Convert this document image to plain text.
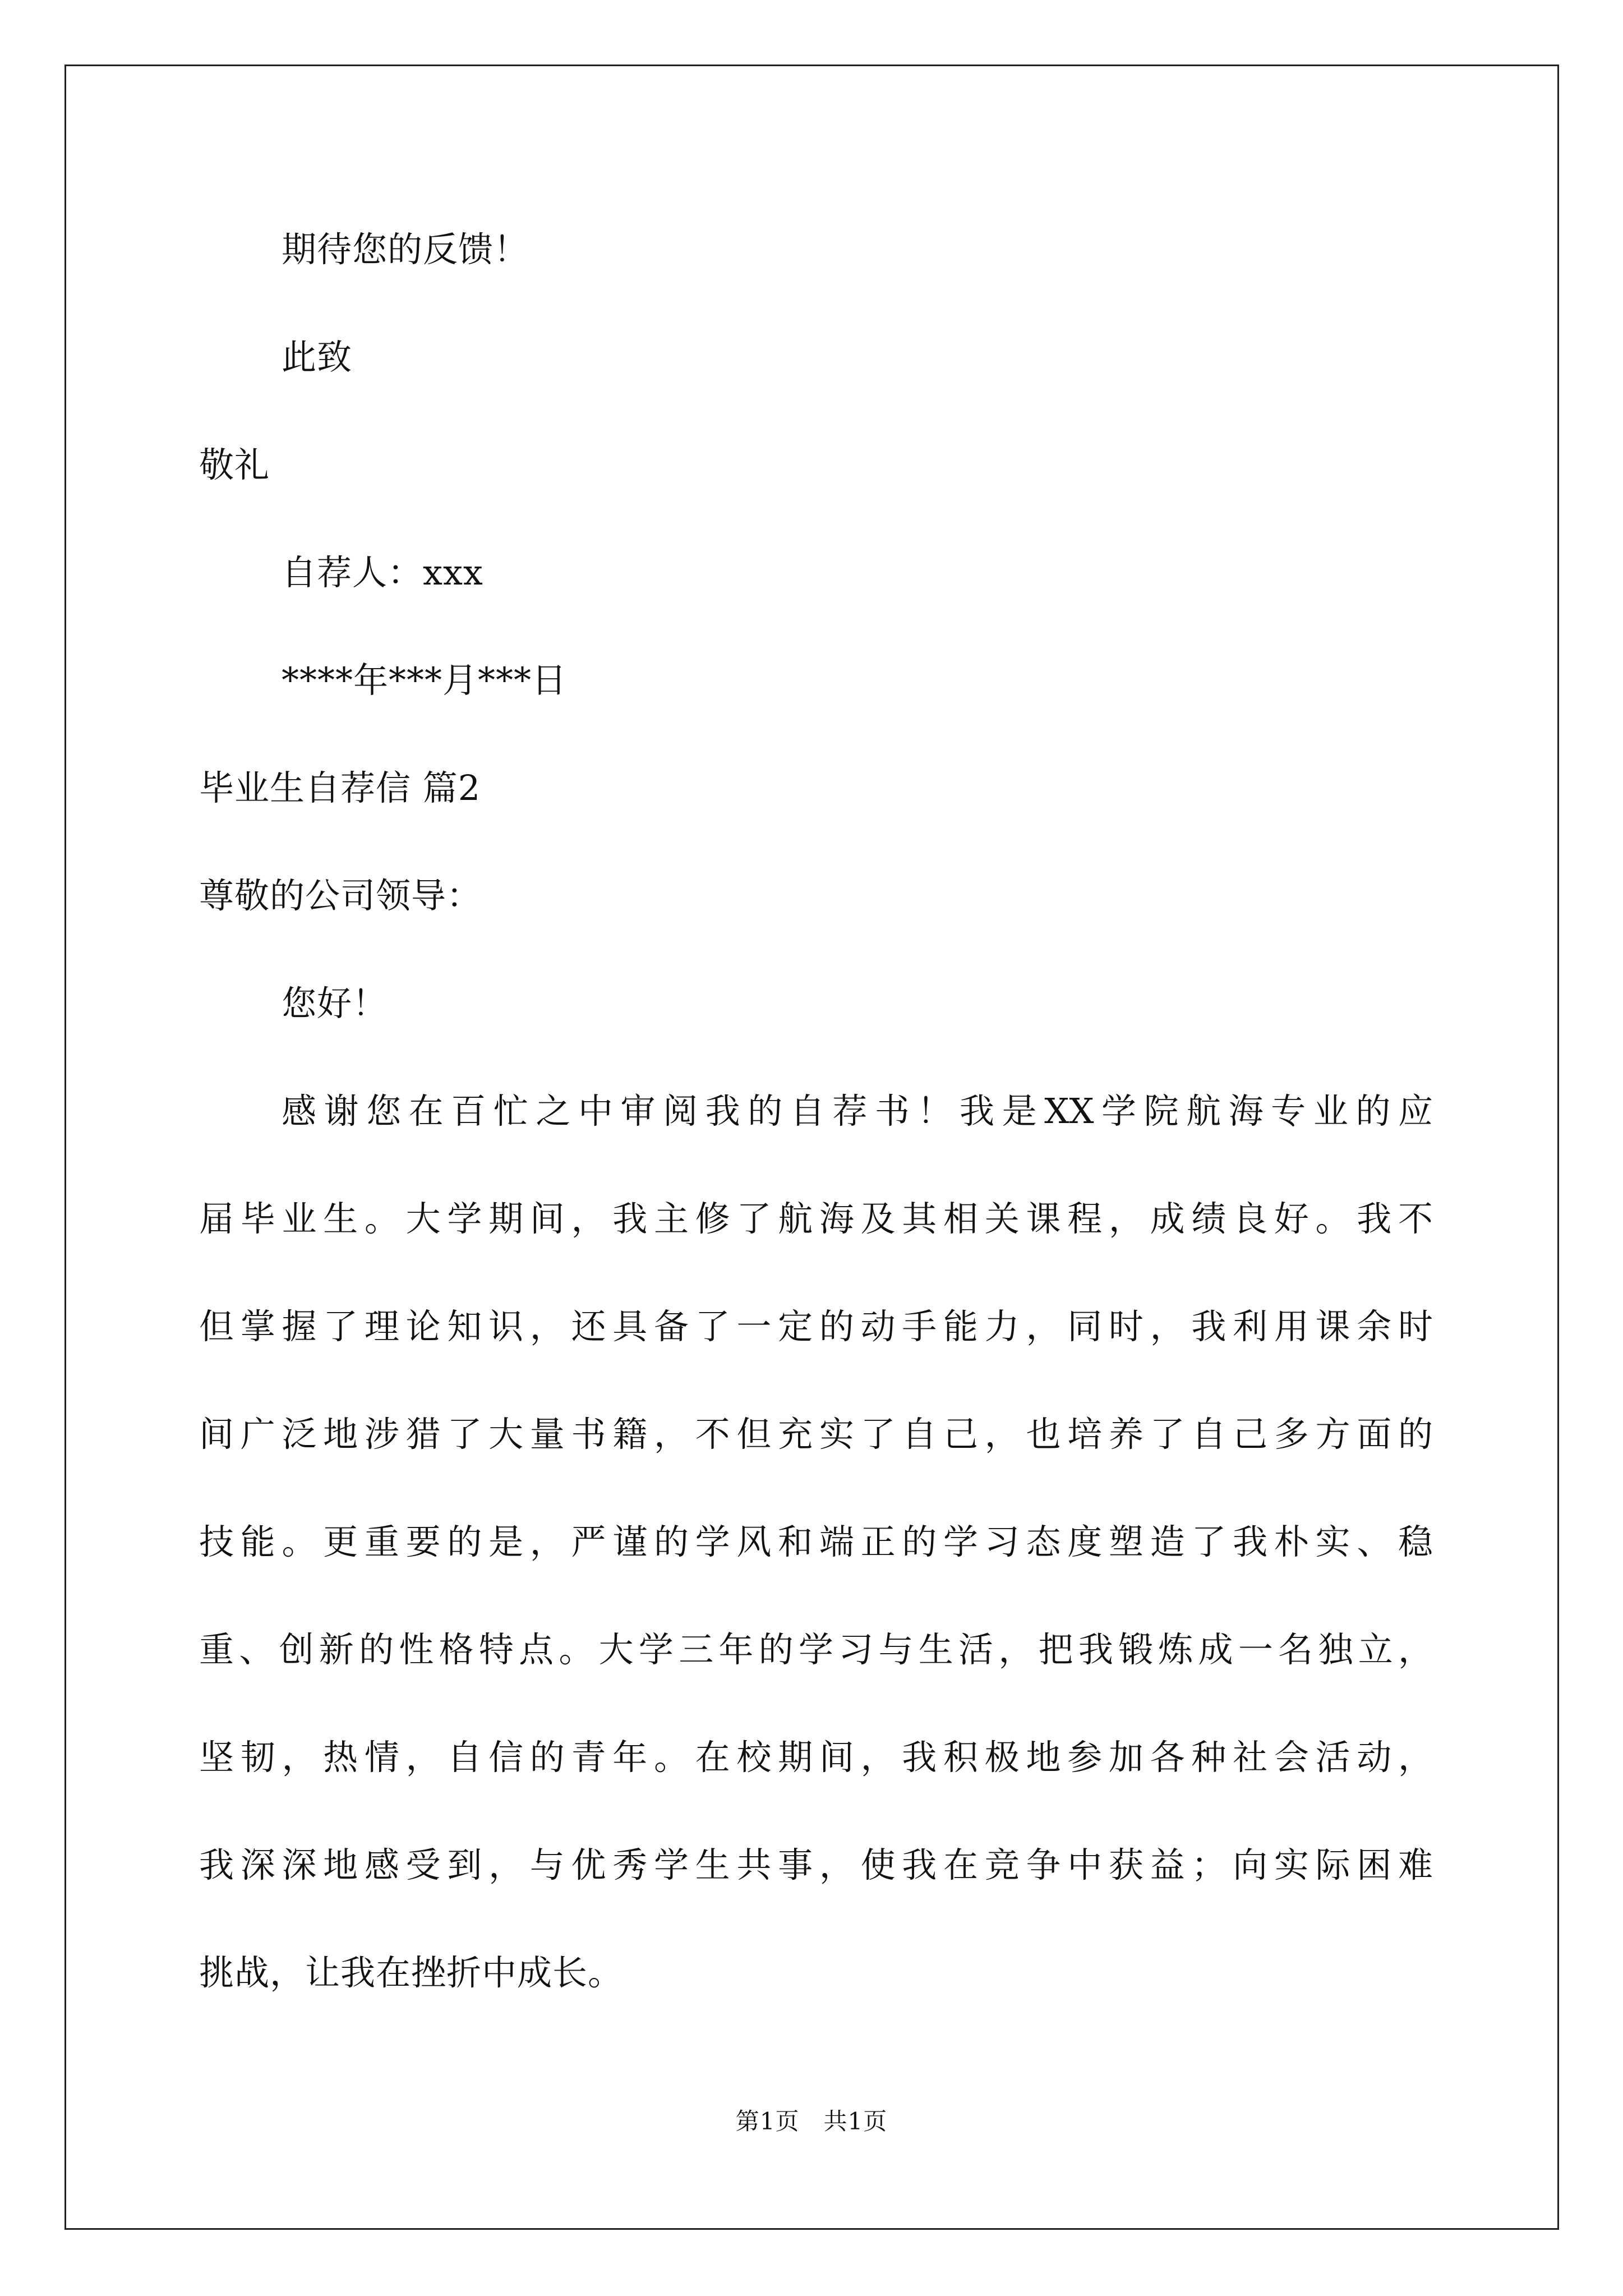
期待您的反馈！
此致
敬礼
自荐人：xxx
****年***月***日
毕业生自荐信 篇2
尊敬的公司领导：
您好！
感谢您在百忙之中审阅我的自荐书！我是XX学院航海专业的应
届毕业生。大学期间，我主修了航海及其相关课程，成绩良好。我不
但掌握了理论知识，还具备了一定的动手能力，同时，我利用课余时
间广泛地涉猎了大量书籍，不但充实了自己，也培养了自己多方面的
技能。更重要的是，严谨的学风和端正的学习态度塑造了我朴实、稳
重、创新的性格特点。大学三年的学习与生活，把我锻炼成一名独立，
坚韧，热情，自信的青年。在校期间，我积极地参加各种社会活动，
我深深地感受到，与优秀学生共事，使我在竞争中获益；向实际困难
挑战，让我在挫折中成长。
第1页　共1页
